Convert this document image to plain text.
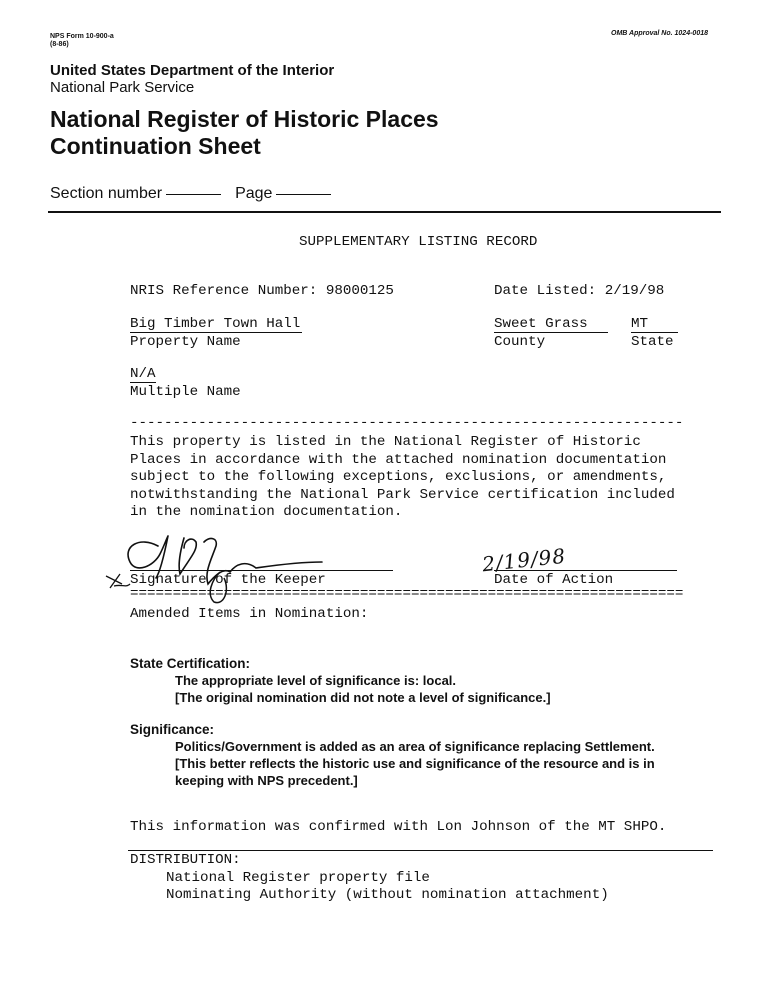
NPS Form 10-900-a
(8-86)
OMB Approval No. 1024-0018
United States Department of the Interior
National Park Service
National Register of Historic Places
Continuation Sheet
Section number	Page
SUPPLEMENTARY LISTING RECORD
NRIS Reference Number: 98000125	Date Listed: 2/19/98
Big Timber Town Hall
Property Name
Sweet Grass
County
MT
State
N/A
Multiple Name
-----------------------------------------------------------------
This property is listed in the National Register of Historic
Places in accordance with the attached nomination documentation
subject to the following exceptions, exclusions, or amendments,
notwithstanding the National Park Service certification included
in the nomination documentation.
Signature of the Keeper
2/19/98
Date of Action
=================================================================
Amended Items in Nomination:
State Certification:
The appropriate level of significance is: local.
[The original nomination did not note a level of significance.]
Significance:
Politics/Government is added as an area of significance replacing Settlement.
[This better reflects the historic use and significance of the resource and is in
keeping with NPS precedent.]
This information was confirmed with Lon Johnson of the MT SHPO.
DISTRIBUTION:
National Register property file
Nominating Authority (without nomination attachment)
